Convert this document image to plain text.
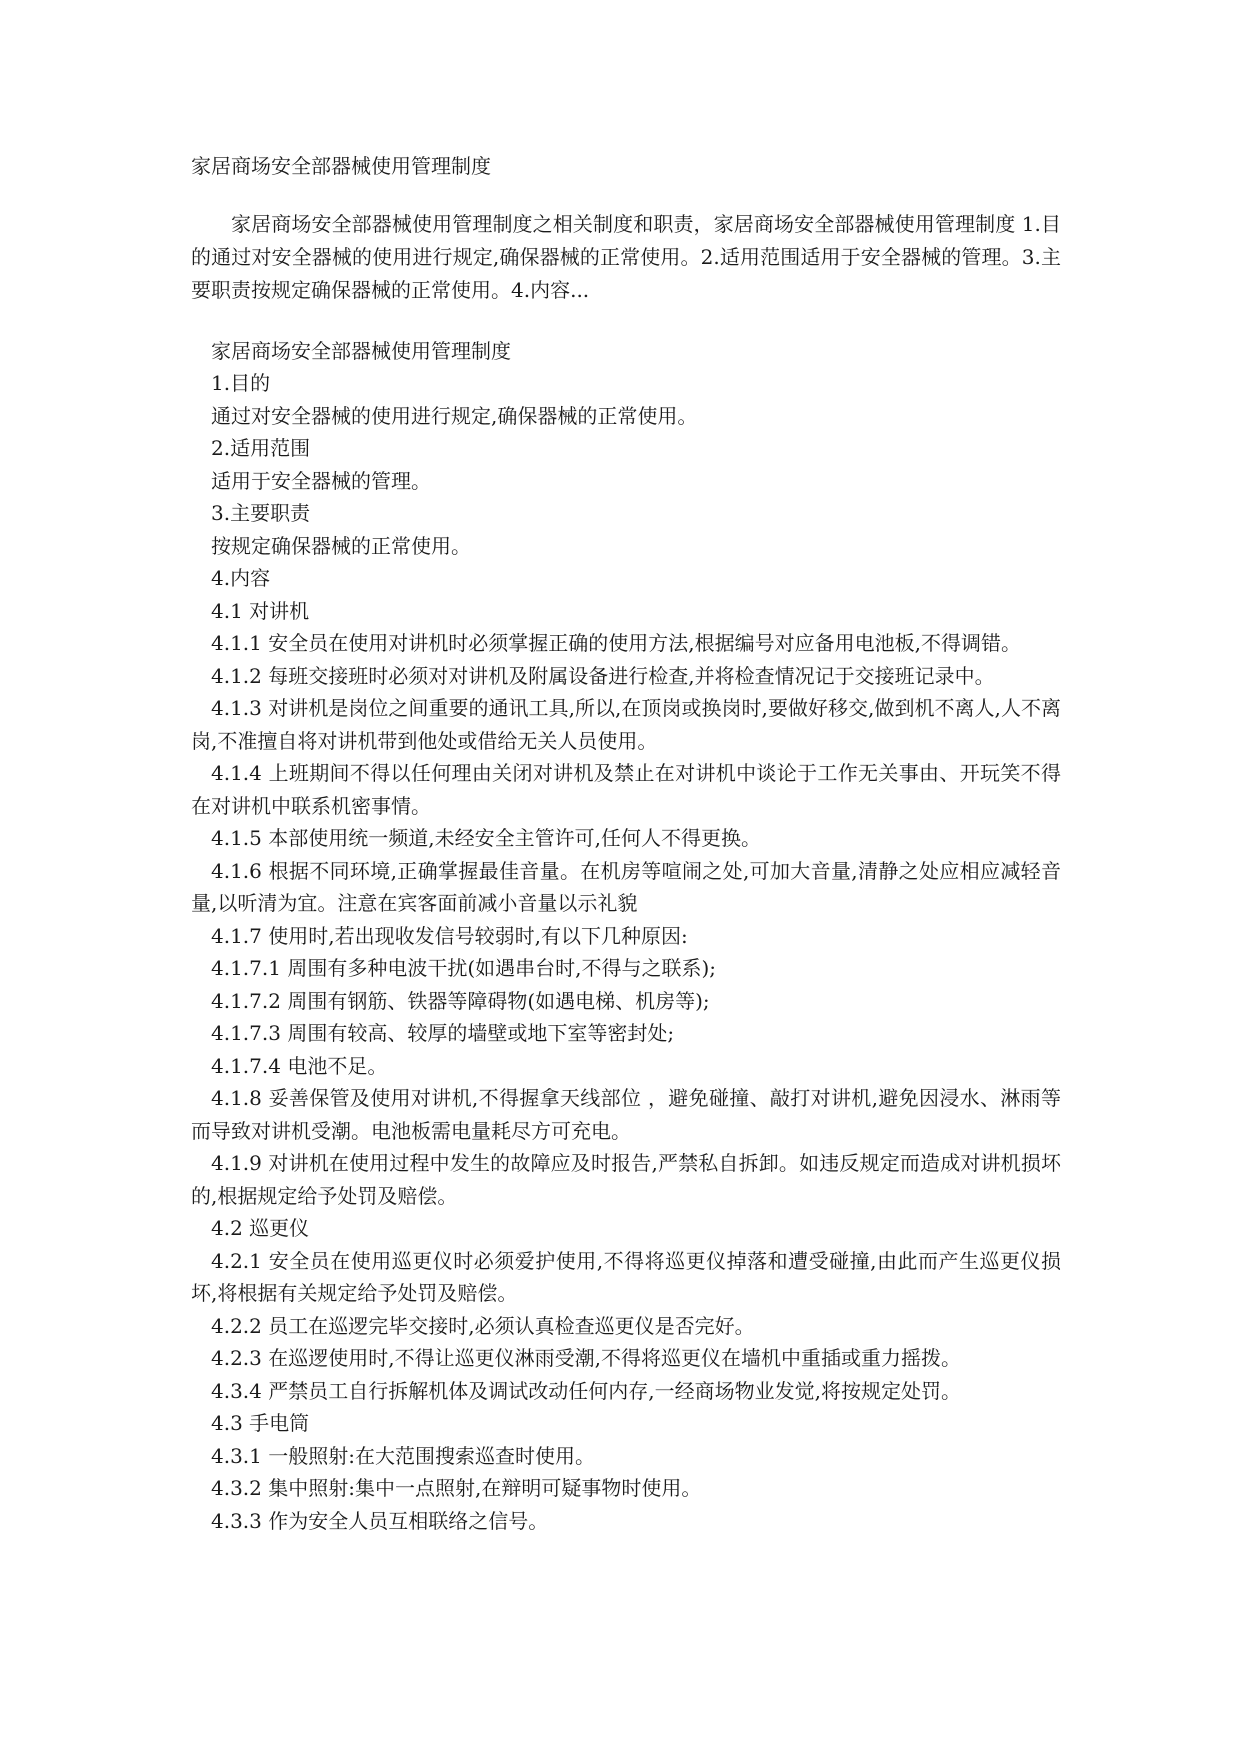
家居商场安全部器械使用管理制度

家居商场安全部器械使用管理制度之相关制度和职责，家居商场安全部器械使用管理制度 1.目的通过对安全器械的使用进行规定,确保器械的正常使用。2.适用范围适用于安全器械的管理。3.主要职责按规定确保器械的正常使用。4.内容...

家居商场安全部器械使用管理制度

1.目的

通过对安全器械的使用进行规定,确保器械的正常使用。

2.适用范围

适用于安全器械的管理。

3.主要职责

按规定确保器械的正常使用。

4.内容

4.1 对讲机

4.1.1 安全员在使用对讲机时必须掌握正确的使用方法,根据编号对应备用电池板,不得调错。

4.1.2 每班交接班时必须对对讲机及附属设备进行检查,并将检查情况记于交接班记录中。

4.1.3 对讲机是岗位之间重要的通讯工具,所以,在顶岗或换岗时,要做好移交,做到机不离人,人不离岗,不准擅自将对讲机带到他处或借给无关人员使用。

4.1.4 上班期间不得以任何理由关闭对讲机及禁止在对讲机中谈论于工作无关事由、开玩笑不得在对讲机中联系机密事情。

4.1.5 本部使用统一频道,未经安全主管许可,任何人不得更换。

4.1.6 根据不同环境,正确掌握最佳音量。在机房等喧闹之处,可加大音量,清静之处应相应减轻音量,以听清为宜。注意在宾客面前减小音量以示礼貌

4.1.7 使用时,若出现收发信号较弱时,有以下几种原因:

4.1.7.1 周围有多种电波干扰(如遇串台时,不得与之联系);

4.1.7.2 周围有钢筋、铁器等障碍物(如遇电梯、机房等);

4.1.7.3 周围有较高、较厚的墙壁或地下室等密封处;

4.1.7.4 电池不足。

4.1.8 妥善保管及使用对讲机,不得握拿天线部位 ，避免碰撞、敲打对讲机,避免因浸水、淋雨等而导致对讲机受潮。电池板需电量耗尽方可充电。

4.1.9 对讲机在使用过程中发生的故障应及时报告,严禁私自拆卸。如违反规定而造成对讲机损坏的,根据规定给予处罚及赔偿。

4.2 巡更仪

4.2.1 安全员在使用巡更仪时必须爱护使用,不得将巡更仪掉落和遭受碰撞,由此而产生巡更仪损坏,将根据有关规定给予处罚及赔偿。

4.2.2 员工在巡逻完毕交接时,必须认真检查巡更仪是否完好。

4.2.3 在巡逻使用时,不得让巡更仪淋雨受潮,不得将巡更仪在墙机中重插或重力摇拨。

4.3.4 严禁员工自行拆解机体及调试改动任何内存,一经商场物业发觉,将按规定处罚。

4.3 手电筒

4.3.1 一般照射:在大范围搜索巡查时使用。

4.3.2 集中照射:集中一点照射,在辩明可疑事物时使用。

4.3.3 作为安全人员互相联络之信号。
